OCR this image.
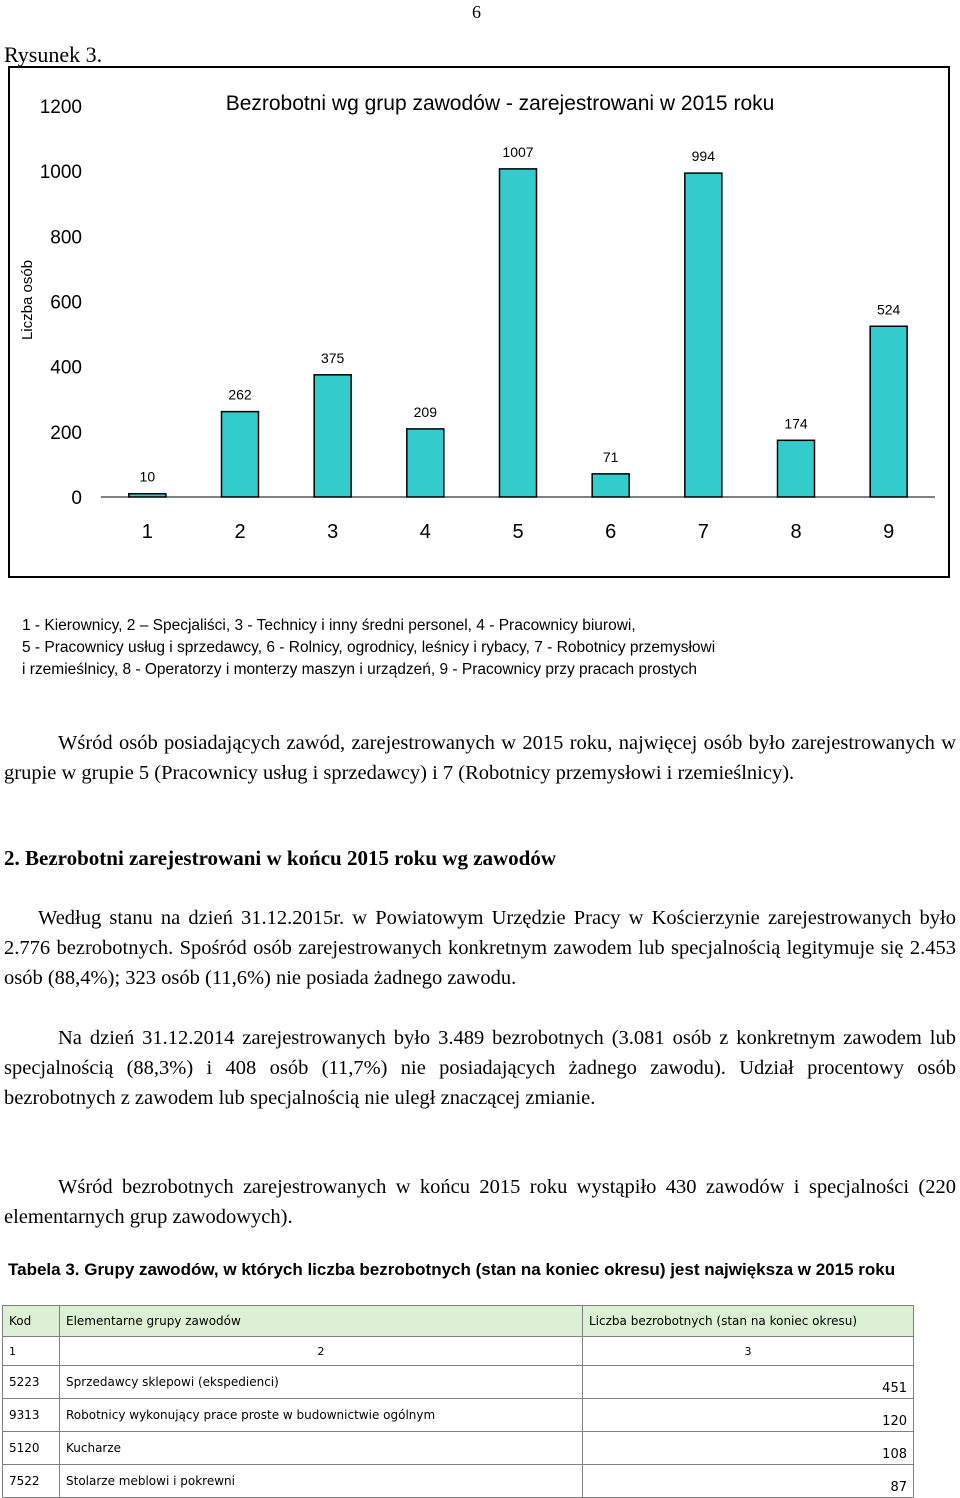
6
Rysunek 3.
Bezrobotni wg grup zawodów - zarejestrowani w 2015 roku
Liczba osób
0
200
400
600
800
1000
1200
10
262
375
209
1007
71
994
174
524
1	2	3	4	5	6	7	8	9
1 - Kierownicy, 2 – Specjaliści, 3 - Technicy i inny średni personel, 4 - Pracownicy biurowi,
5 - Pracownicy usług i sprzedawcy, 6 - Rolnicy, ogrodnicy, leśnicy i rybacy, 7 - Robotnicy przemysłowi
i rzemieślnicy, 8 - Operatorzy i monterzy maszyn i urządzeń, 9 - Pracownicy przy pracach prostych
Wśród osób posiadających zawód, zarejestrowanych w 2015 roku, najwięcej osób było zarejestrowanych w grupie w grupie 5 (Pracownicy usług i sprzedawcy) i 7 (Robotnicy przemysłowi i rzemieślnicy).
2. Bezrobotni zarejestrowani w końcu 2015 roku wg zawodów
Według stanu na dzień 31.12.2015r. w Powiatowym Urzędzie Pracy w Kościerzynie zarejestrowanych było 2.776 bezrobotnych. Spośród osób zarejestrowanych konkretnym zawodem lub specjalnością legitymuje się 2.453 osób (88,4%); 323 osób (11,6%) nie posiada żadnego zawodu.
Na dzień 31.12.2014 zarejestrowanych było 3.489 bezrobotnych (3.081 osób z konkretnym zawodem lub specjalnością (88,3%) i 408 osób (11,7%) nie posiadających żadnego zawodu). Udział procentowy osób bezrobotnych z zawodem lub specjalnością nie uległ znaczącej zmianie.
Wśród bezrobotnych zarejestrowanych w końcu 2015 roku wystąpiło 430 zawodów i specjalności (220 elementarnych grup zawodowych).
Tabela 3. Grupy zawodów, w których liczba bezrobotnych (stan na koniec okresu) jest największa w 2015 roku
Kod	Elementarne grupy zawodów	Liczba bezrobotnych (stan na koniec okresu)
1	2	3
5223	Sprzedawcy sklepowi (ekspedienci)	451
9313	Robotnicy wykonujący prace proste w budownictwie ogólnym	120
5120	Kucharze	108
7522	Stolarze meblowi i pokrewni	87
